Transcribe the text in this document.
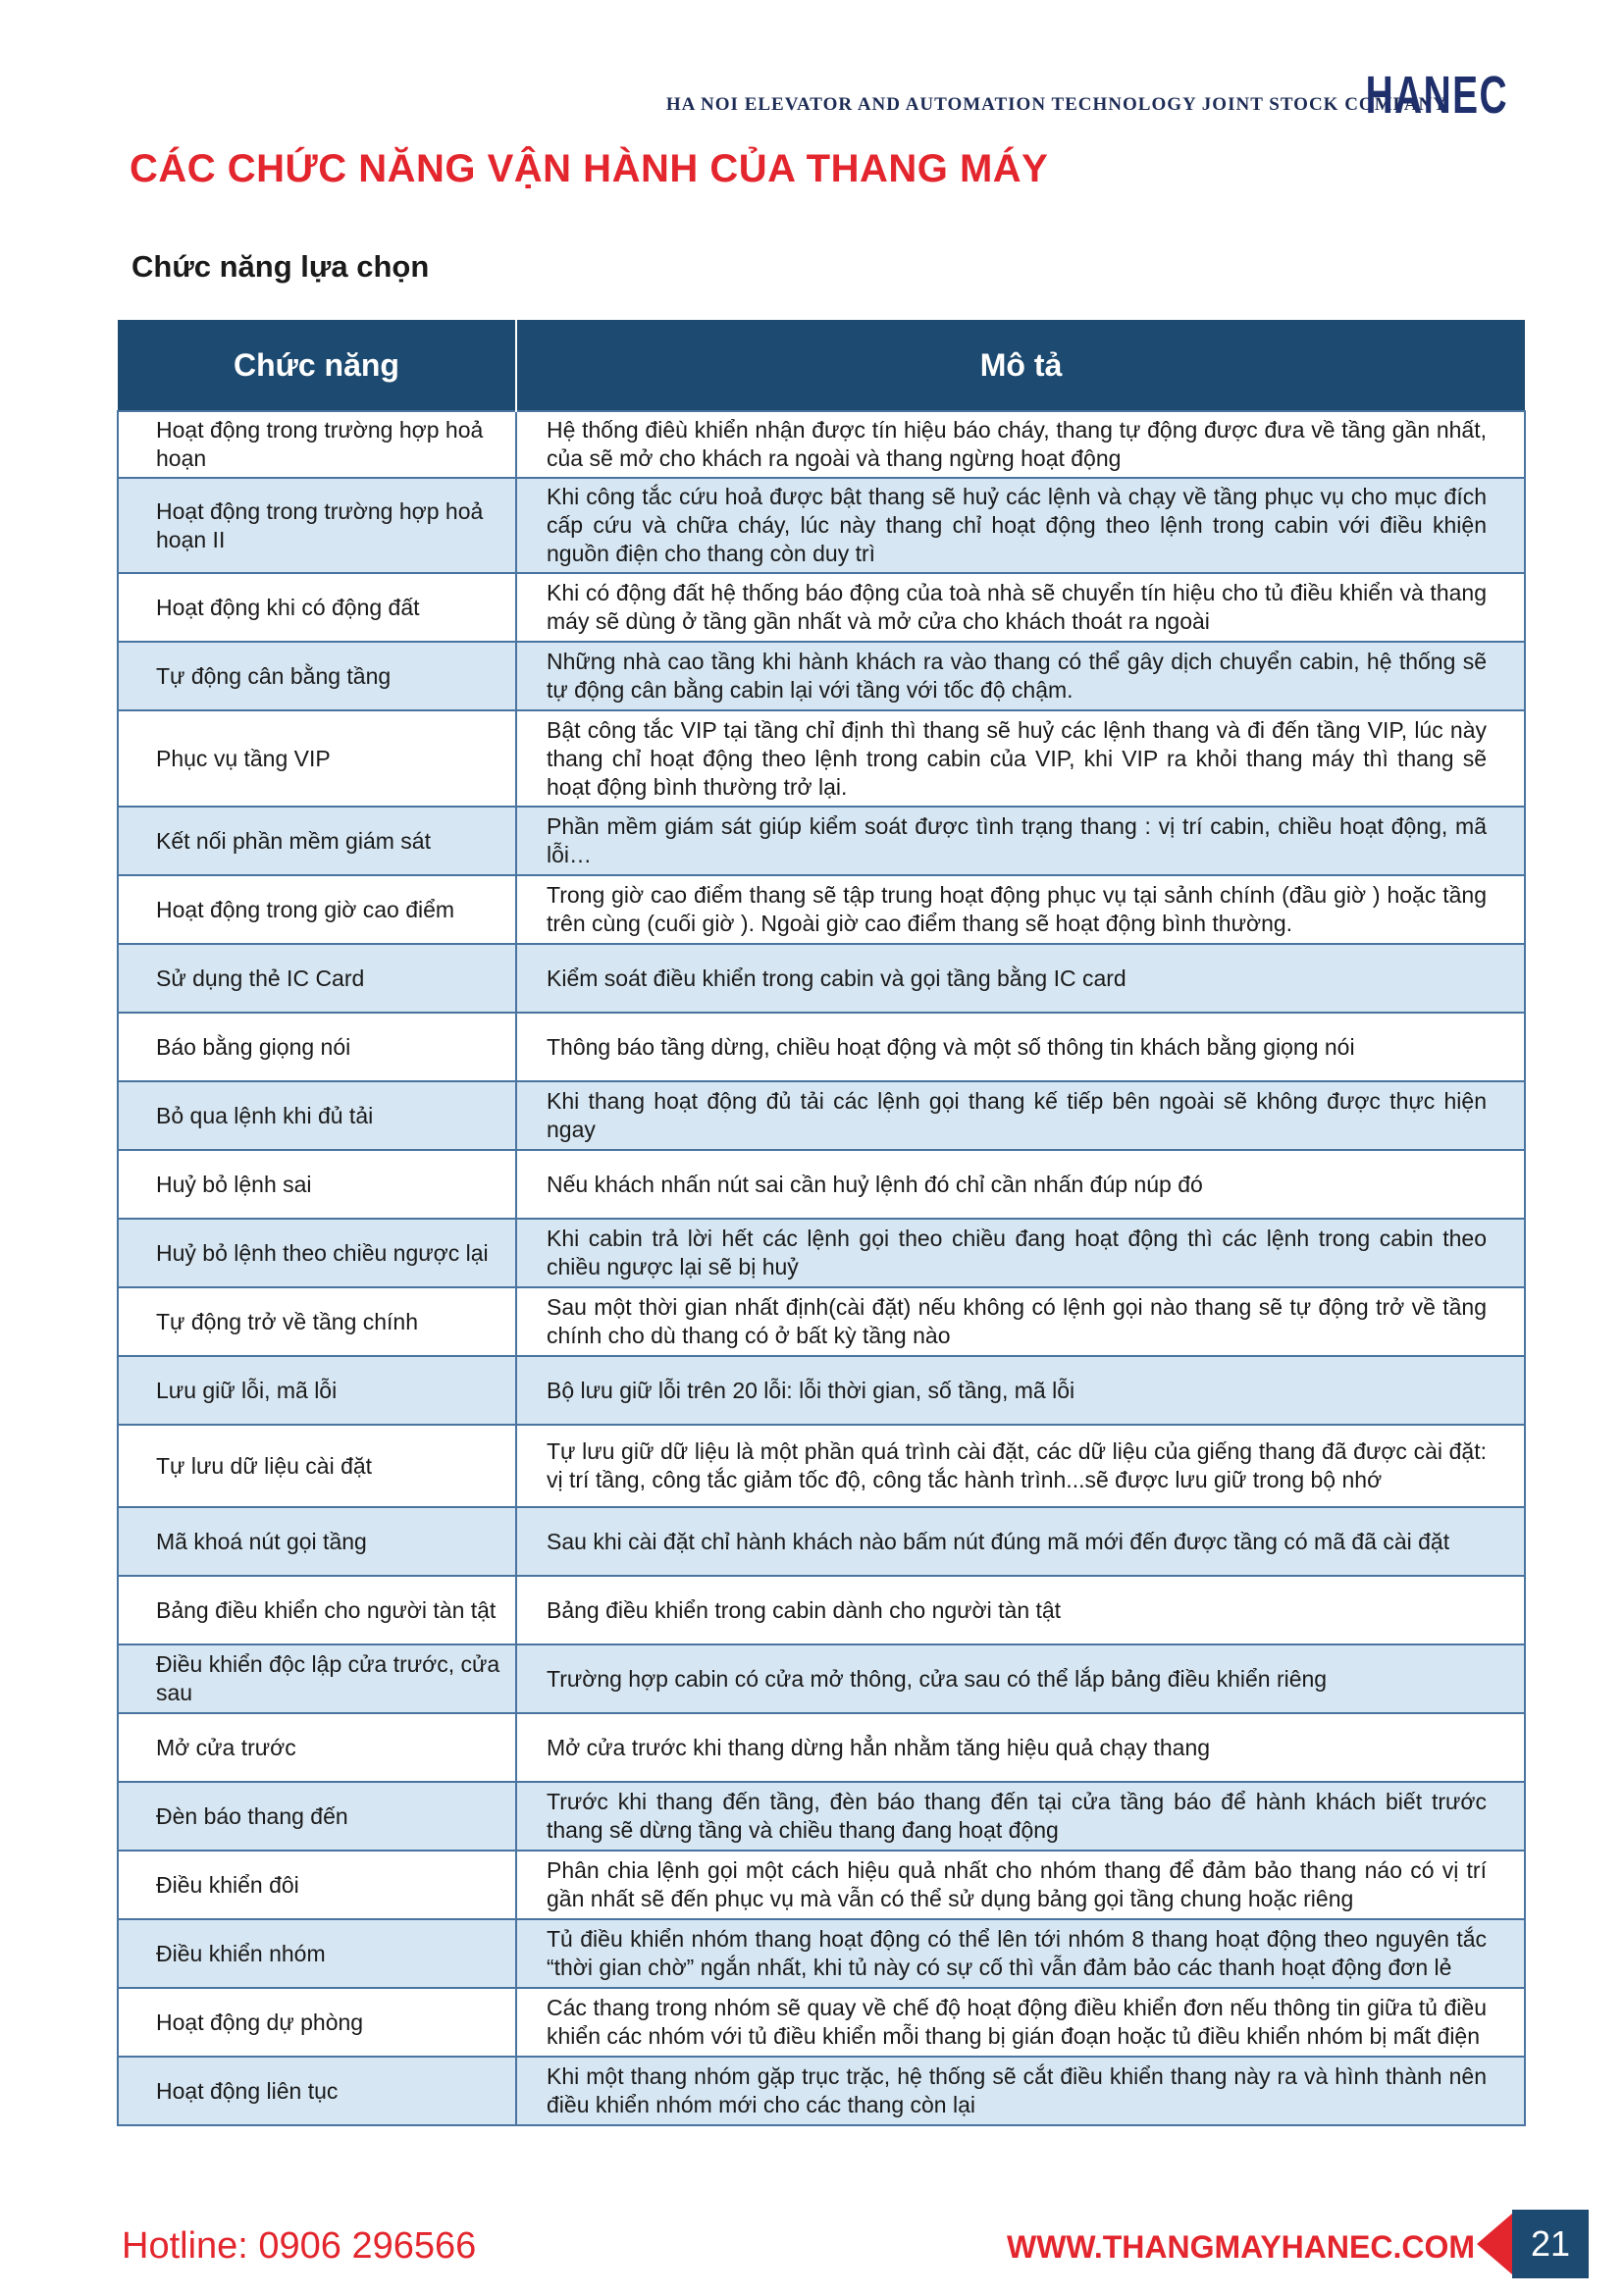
HA NOI ELEVATOR AND AUTOMATION TECHNOLOGY JOINT STOCK COMPANY
HANEC
CÁC CHỨC NĂNG VẬN HÀNH CỦA THANG MÁY
Chức năng lựa chọn
Chức năng	Mô tả
Hoạt động trong trường hợp hoả hoạn	Hệ thống điêù khiển nhận được tín hiệu báo cháy, thang tự động được đưa về tầng gần nhất, của sẽ mở cho khách ra ngoài và thang ngừng hoạt động
Hoạt động trong trường hợp hoả hoạn II	Khi công tắc cứu hoả được bật thang sẽ huỷ các lệnh và chạy về tầng phục vụ cho mục đích cấp cứu và chữa cháy, lúc này thang chỉ hoạt động theo lệnh trong cabin với điều khiện nguồn điện cho thang còn duy trì
Hoạt động khi có động đất	Khi có động đất hệ thống báo động của toà nhà sẽ chuyển tín hiệu cho tủ điều khiển và thang máy sẽ dùng ở tầng gần nhất và mở cửa cho khách thoát ra ngoài
Tự động cân bằng tầng	Những nhà cao tầng khi hành khách ra vào thang có thể gây dịch chuyển cabin, hệ thống sẽ tự động cân bằng cabin lại với tầng với tốc độ chậm.
Phục vụ tầng VIP	Bật công tắc VIP tại tầng chỉ định thì thang sẽ huỷ các lệnh thang và đi đến tầng VIP, lúc này thang chỉ hoạt động theo lệnh trong cabin của VIP, khi VIP ra khỏi thang máy thì thang sẽ hoạt động bình thường trở lại.
Kết nối phần mềm giám sát	Phần mềm giám sát giúp kiểm soát được tình trạng thang : vị trí cabin, chiều hoạt động, mã lỗi…
Hoạt động trong giờ cao điểm	Trong giờ cao điểm thang sẽ tập trung hoạt động phục vụ tại sảnh chính (đầu giờ ) hoặc tầng trên cùng (cuối giờ ). Ngoài giờ cao điểm thang sẽ hoạt động bình thường.
Sử dụng thẻ IC Card	Kiểm soát điều khiển trong cabin và gọi tầng bằng IC card
Báo bằng giọng nói	Thông báo tầng dừng, chiều hoạt động và một số thông tin khách bằng giọng nói
Bỏ qua lệnh khi đủ tải	Khi thang hoạt động đủ tải các lệnh gọi thang kế tiếp bên ngoài sẽ không được thực hiện ngay
Huỷ bỏ lệnh sai	Nếu khách nhấn nút sai cần huỷ lệnh đó chỉ cần nhấn đúp núp đó
Huỷ bỏ lệnh theo chiều ngược lại	Khi cabin trả lời hết các lệnh gọi theo chiều đang hoạt động thì các lệnh trong cabin theo chiều ngược lại sẽ bị huỷ
Tự động trở về tầng chính	Sau một thời gian nhất định(cài đặt) nếu không có lệnh gọi nào thang sẽ tự động trở về tầng chính cho dù thang có ở bất kỳ tầng nào
Lưu giữ lỗi, mã lỗi	Bộ lưu giữ lỗi trên 20 lỗi: lỗi thời gian, số tầng, mã lỗi
Tự lưu dữ liệu cài đặt	Tự lưu giữ dữ liệu là một phần quá trình cài đặt, các dữ liệu của giếng thang đã được cài đặt: vị trí tầng, công tắc giảm tốc độ, công tắc hành trình...sẽ được lưu giữ trong bộ nhớ
Mã khoá nút gọi tầng	Sau khi cài đặt chỉ hành khách nào bấm nút đúng mã mới đến được tầng có mã đã cài đặt
Bảng điều khiển cho người tàn tật	Bảng điều khiển trong cabin dành cho người tàn tật
Điều khiển độc lập cửa trước, cửa sau	Trường hợp cabin có cửa mở thông, cửa sau có thể lắp bảng điều khiển riêng
Mở cửa trước	Mở cửa trước khi thang dừng hẳn nhằm tăng hiệu quả chạy thang
Đèn báo thang đến	Trước khi thang đến tầng, đèn báo thang đến tại cửa tầng báo để hành khách biết trước thang sẽ dừng tầng và chiều thang đang hoạt động
Điều khiển đôi	Phân chia lệnh gọi một cách hiệu quả nhất cho nhóm thang để đảm bảo thang náo có vị trí gần nhất sẽ đến phục vụ mà vẫn có thể sử dụng bảng gọi tầng chung hoặc riêng
Điều khiển nhóm	Tủ điều khiển nhóm thang hoạt động có thể lên tới nhóm 8 thang hoạt động theo nguyên tắc “thời gian chờ” ngắn nhất, khi tủ này có sự cố thì vẫn đảm bảo các thanh hoạt động đơn lẻ
Hoạt động dự phòng	Các thang trong nhóm sẽ quay về chế độ hoạt động điều khiển đơn nếu thông tin giữa tủ điều khiển các nhóm với tủ điều khiển mỗi thang bị gián đoạn hoặc tủ điều khiển nhóm bị mất điện
Hoạt động liên tục	Khi một thang nhóm gặp trục trặc, hệ thống sẽ cắt điều khiển thang này ra và hình thành nên điều khiển nhóm mới cho các thang còn lại
Hotline: 0906 296566	WWW.THANGMAYHANEC.COM	21
